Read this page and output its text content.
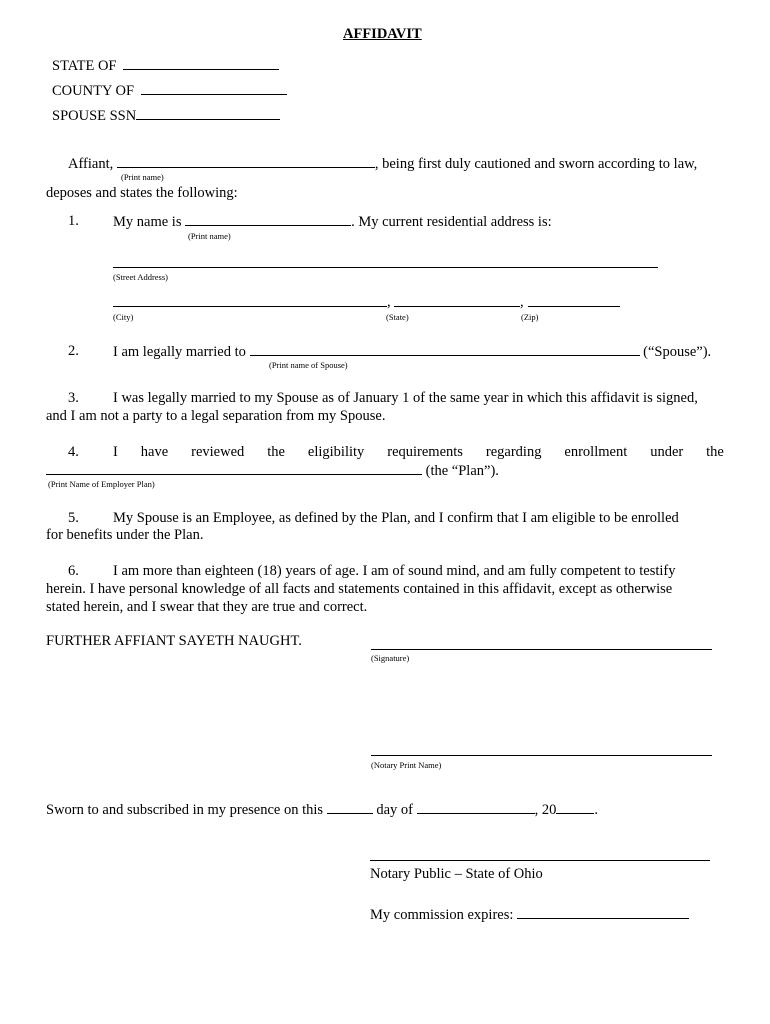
AFFIDAVIT
STATE OF
COUNTY OF
SPOUSE SSN
Affiant,	, being first duly cautioned and sworn according to law,
(Print name)
deposes and states the following:
1. My name is	. My current residential address is:
(Print name)
(Street Address)
,	,
(City)	(State)	(Zip)
2. I am legally married to	(“Spouse”).
(Print name of Spouse)
3. I was legally married to my Spouse as of January 1 of the same year in which this affidavit is signed,
and I am not a party to a legal separation from my Spouse.
4. I have reviewed the eligibility requirements regarding enrollment under the
(the “Plan”).
(Print Name of Employer Plan)
5. My Spouse is an Employee, as defined by the Plan, and I confirm that I am eligible to be enrolled
for benefits under the Plan.
6. I am more than eighteen (18) years of age. I am of sound mind, and am fully competent to testify
herein. I have personal knowledge of all facts and statements contained in this affidavit, except as otherwise
stated herein, and I swear that they are true and correct.
FURTHER AFFIANT SAYETH NAUGHT.
(Signature)
(Notary Print Name)
Sworn to and subscribed in my presence on this	day of	, 20	.
Notary Public – State of Ohio
My commission expires:
